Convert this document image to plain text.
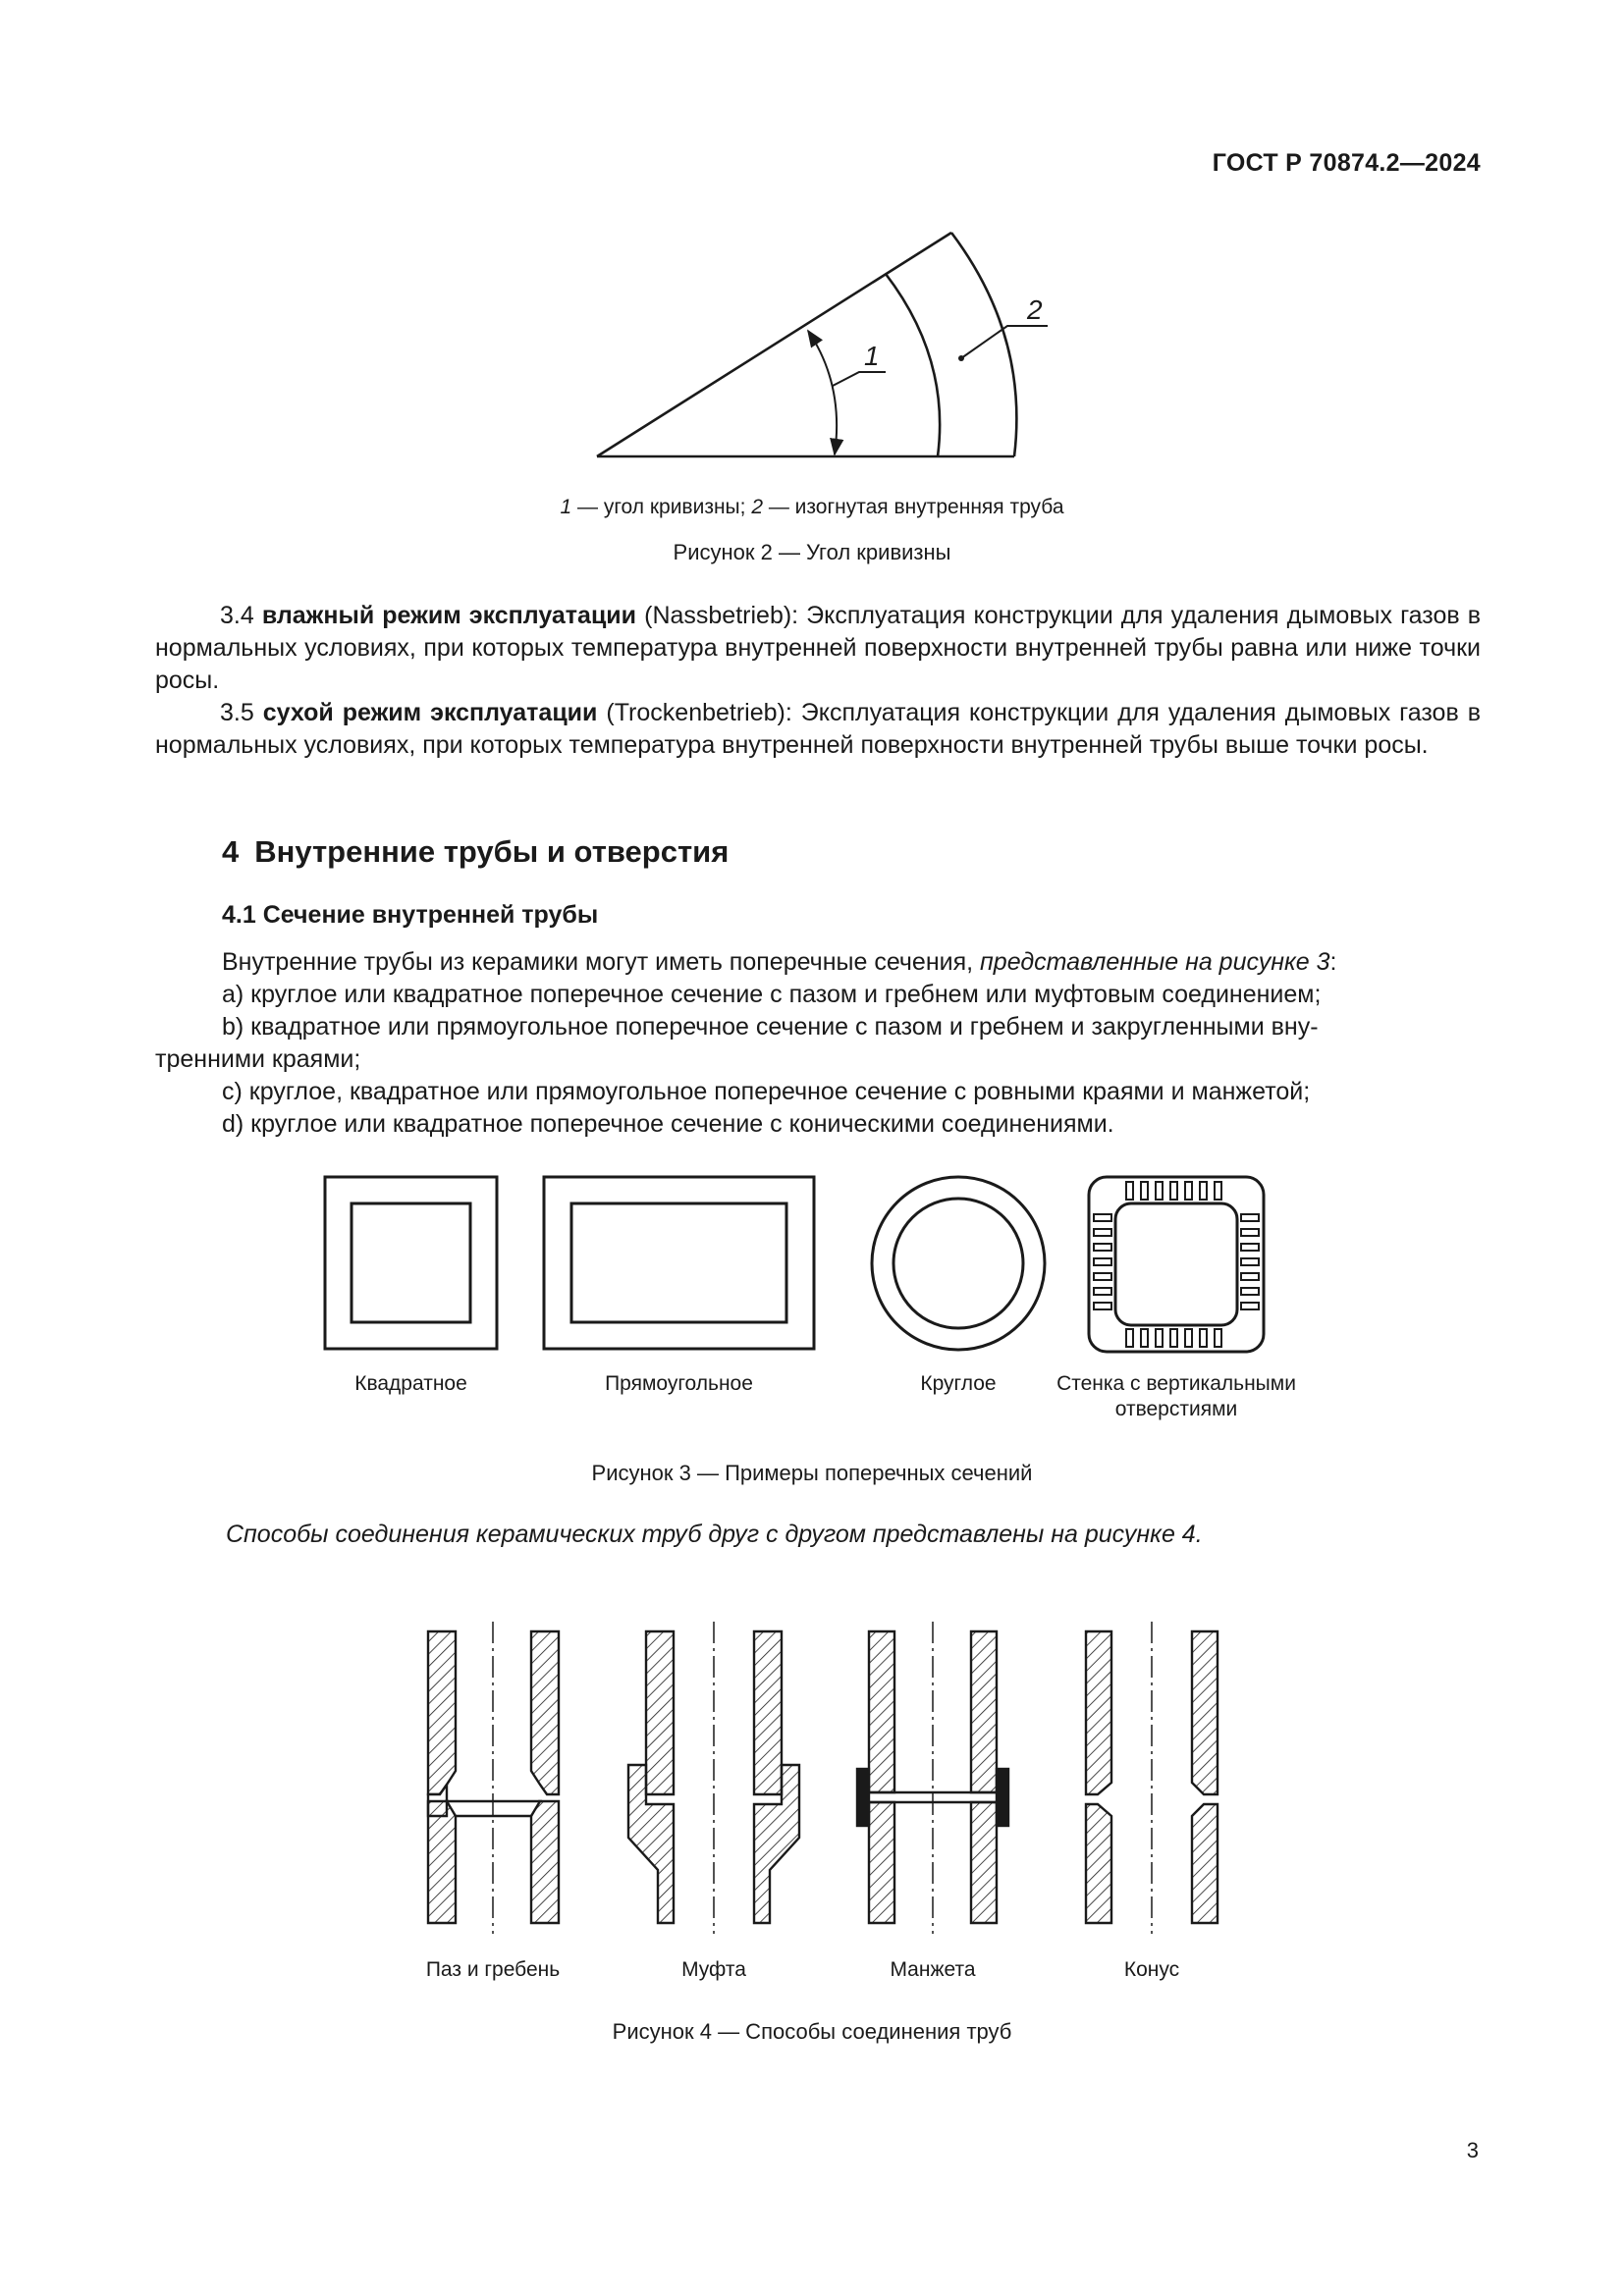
ГОСТ Р 70874.2—2024
1
2
1 — угол кривизны; 2 — изогнутая внутренняя труба
Рисунок 2 — Угол кривизны
3.4 влажный режим эксплуатации (Nassbetrieb): Эксплуатация конструкции для удаления дымовых газов в нормальных условиях, при которых температура внутренней поверхности внутренней трубы равна или ниже точки росы.
3.5 сухой режим эксплуатации (Trockenbetrieb): Эксплуатация конструкции для удаления дымовых газов в нормальных условиях, при которых температура внутренней поверхности внутренней трубы выше точки росы.
4 Внутренние трубы и отверстия
4.1 Сечение внутренней трубы
Внутренние трубы из керамики могут иметь поперечные сечения, представленные на рисунке 3:
a) круглое или квадратное поперечное сечение с пазом и гребнем или муфтовым соединением;
b) квадратное или прямоугольное поперечное сечение с пазом и гребнем и закругленными вну-
тренними краями;
c) круглое, квадратное или прямоугольное поперечное сечение с ровными краями и манжетой;
d) круглое или квадратное поперечное сечение с коническими соединениями.
Квадратное	Прямоугольное	Круглое	Стенка с вертикальными
отверстиями
Рисунок 3 — Примеры поперечных сечений
Способы соединения керамических труб друг с другом представлены на рисунке 4.
Паз и гребень	Муфта	Манжета	Конус
Рисунок 4 — Способы соединения труб
3
